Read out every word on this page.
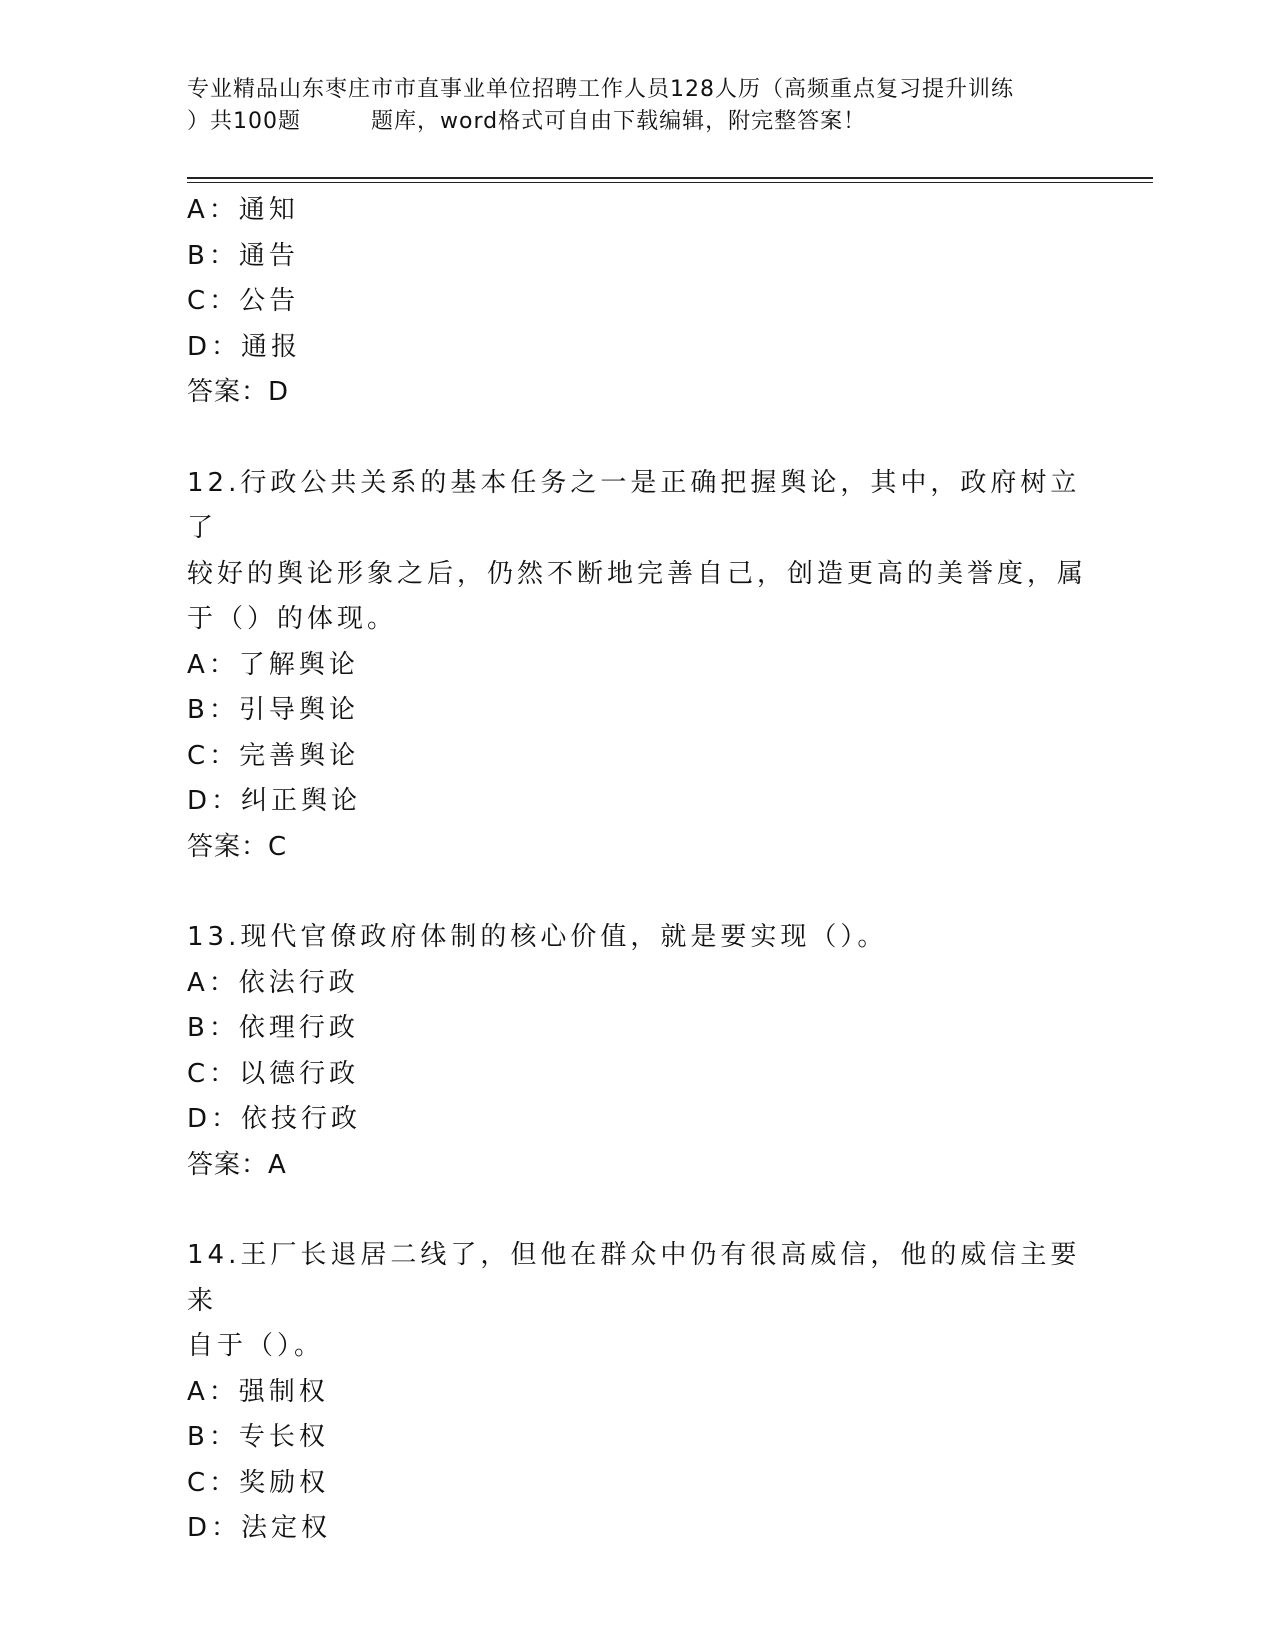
专业精品山东枣庄市市直事业单位招聘工作人员128人历（高频重点复习提升训练
）共100题	题库，word格式可自由下载编辑，附完整答案！
A：通知
B：通告
C：公告
D：通报
答案：D
12.行政公共关系的基本任务之一是正确把握舆论，其中，政府树立了
较好的舆论形象之后，仍然不断地完善自己，创造更高的美誉度，属
于（）的体现。
A：了解舆论
B：引导舆论
C：完善舆论
D：纠正舆论
答案：C
13.现代官僚政府体制的核心价值，就是要实现（）。
A：依法行政
B：依理行政
C：以德行政
D：依技行政
答案：A
14.王厂长退居二线了，但他在群众中仍有很高威信，他的威信主要来
自于（）。
A：强制权
B：专长权
C：奖励权
D：法定权
